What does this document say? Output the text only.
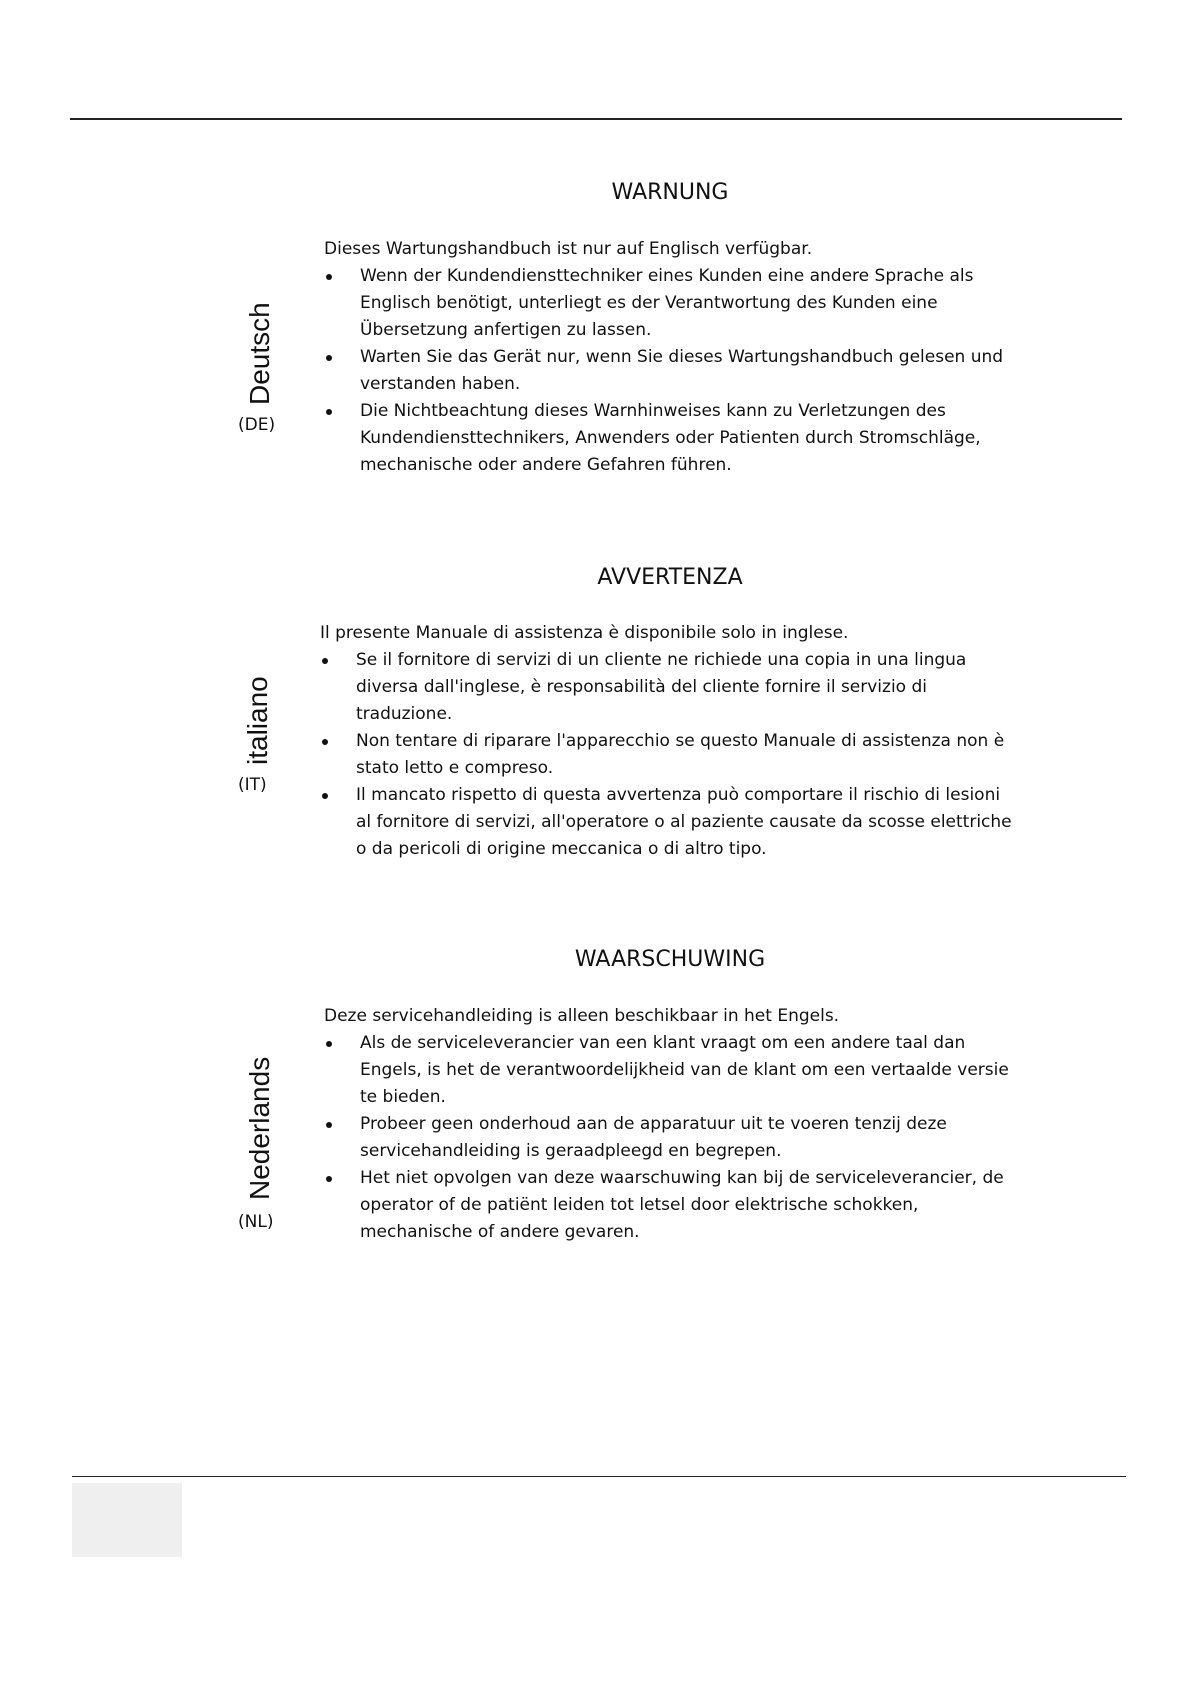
Deutsch
(DE)
WARNUNG

Dieses Wartungshandbuch ist nur auf Englisch verfügbar.

Wenn der Kundendiensttechniker eines Kunden eine andere Sprache als Englisch benötigt, unterliegt es der Verantwortung des Kunden eine Übersetzung anfertigen zu lassen.
Warten Sie das Gerät nur, wenn Sie dieses Wartungshandbuch gelesen und verstanden haben.
Die Nichtbeachtung dieses Warnhinweises kann zu Verletzungen des Kundendiensttechnikers, Anwenders oder Patienten durch Stromschläge, mechanische oder andere Gefahren führen.
italiano
(IT)
AVVERTENZA

Il presente Manuale di assistenza è disponibile solo in inglese.

Se il fornitore di servizi di un cliente ne richiede una copia in una lingua diversa dall'inglese, è responsabilità del cliente fornire il servizio di traduzione.
Non tentare di riparare l'apparecchio se questo Manuale di assistenza non è stato letto e compreso.
Il mancato rispetto di questa avvertenza può comportare il rischio di lesioni al fornitore di servizi, all'operatore o al paziente causate da scosse elettriche o da pericoli di origine meccanica o di altro tipo.
Nederlands
(NL)
WAARSCHUWING

Deze servicehandleiding is alleen beschikbaar in het Engels.

Als de serviceleverancier van een klant vraagt om een andere taal dan Engels, is het de verantwoordelijkheid van de klant om een vertaalde versie te bieden.
Probeer geen onderhoud aan de apparatuur uit te voeren tenzij deze servicehandleiding is geraadpleegd en begrepen.
Het niet opvolgen van deze waarschuwing kan bij de serviceleverancier, de operator of de patiënt leiden tot letsel door elektrische schokken, mechanische of andere gevaren.
